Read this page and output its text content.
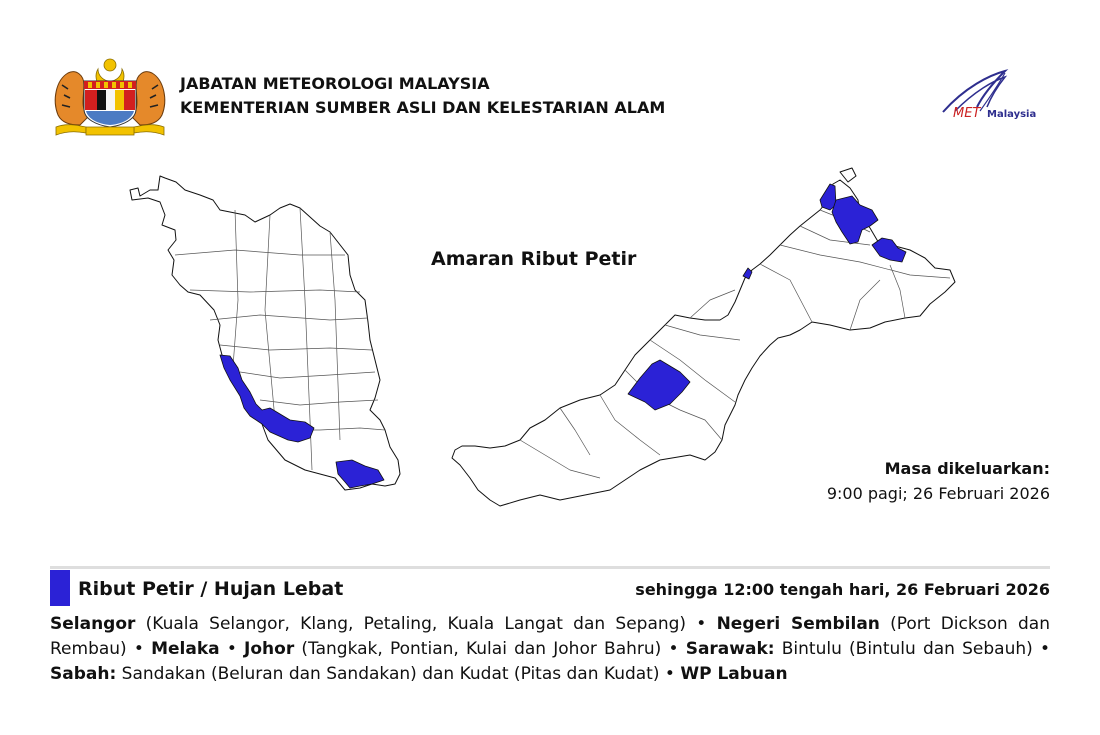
JABATAN METEOROLOGI MALAYSIA
KEMENTERIAN SUMBER ASLI DAN KELESTARIAN ALAM	MET Malaysia
Amaran Ribut Petir
Masa dikeluarkan:
9:00 pagi; 26 Februari 2026
Ribut Petir / Hujan Lebat	sehingga 12:00 tengah hari, 26 Februari 2026
Selangor (Kuala Selangor, Klang, Petaling, Kuala Langat dan Sepang) • Negeri Sembilan (Port Dickson dan Rembau) • Melaka • Johor (Tangkak, Pontian, Kulai dan Johor Bahru) • Sarawak: Bintulu (Bintulu dan Sebauh) • Sabah: Sandakan (Beluran dan Sandakan) dan Kudat (Pitas dan Kudat) • WP Labuan
